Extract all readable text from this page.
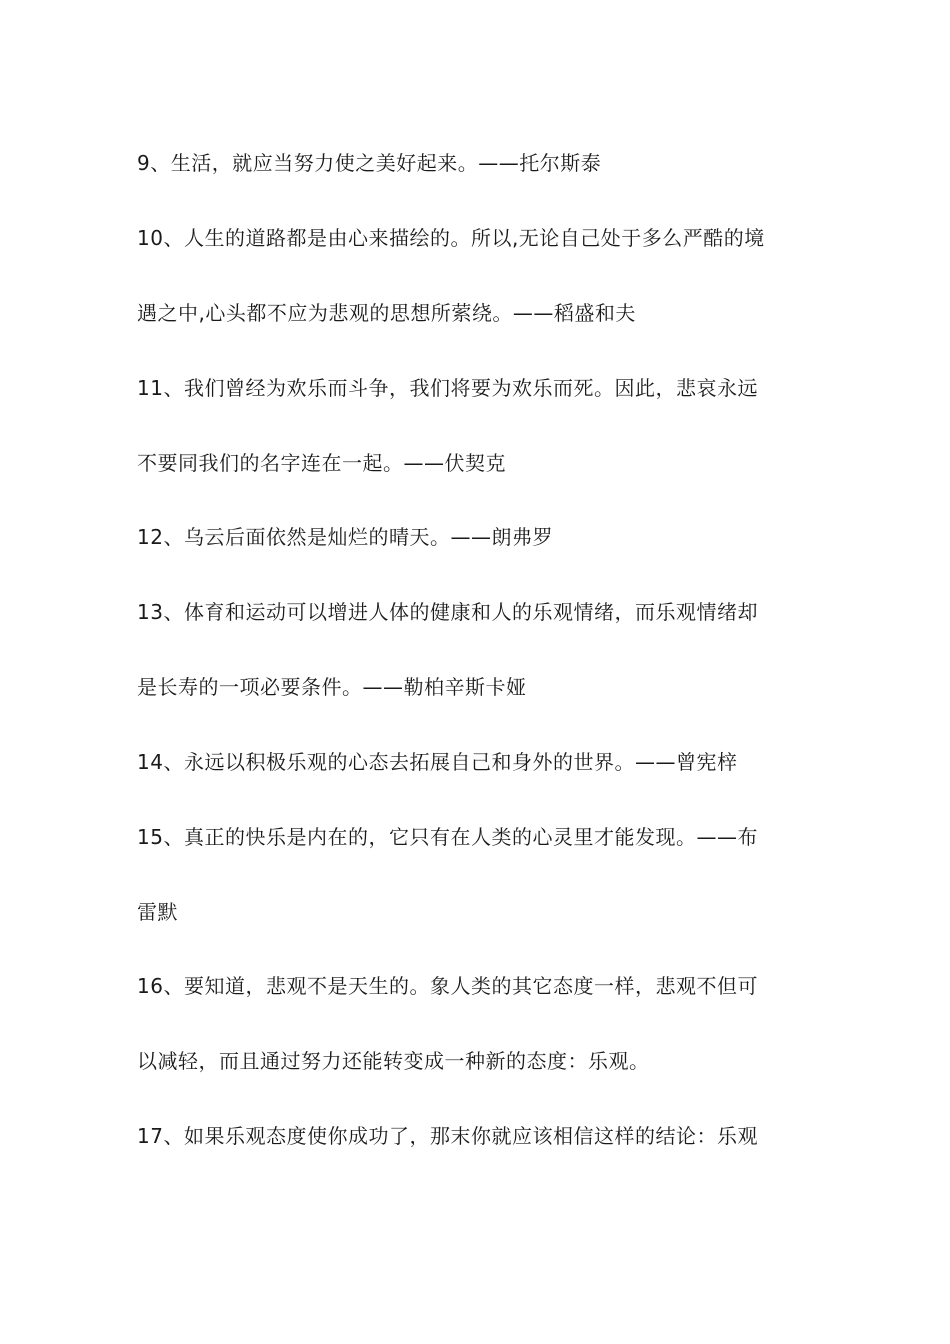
9、生活，就应当努力使之美好起来。——托尔斯泰
10、人生的道路都是由心来描绘的。所以,无论自己处于多么严酷的境
遇之中,心头都不应为悲观的思想所萦绕。——稻盛和夫
11、我们曾经为欢乐而斗争，我们将要为欢乐而死。因此，悲哀永远
不要同我们的名字连在一起。——伏契克
12、乌云后面依然是灿烂的晴天。——朗弗罗
13、体育和运动可以增进人体的健康和人的乐观情绪，而乐观情绪却
是长寿的一项必要条件。——勒柏辛斯卡娅
14、永远以积极乐观的心态去拓展自己和身外的世界。——曾宪梓
15、真正的快乐是内在的，它只有在人类的心灵里才能发现。——布
雷默
16、要知道，悲观不是天生的。象人类的其它态度一样，悲观不但可
以减轻，而且通过努力还能转变成一种新的态度：乐观。
17、如果乐观态度使你成功了，那末你就应该相信这样的结论：乐观
